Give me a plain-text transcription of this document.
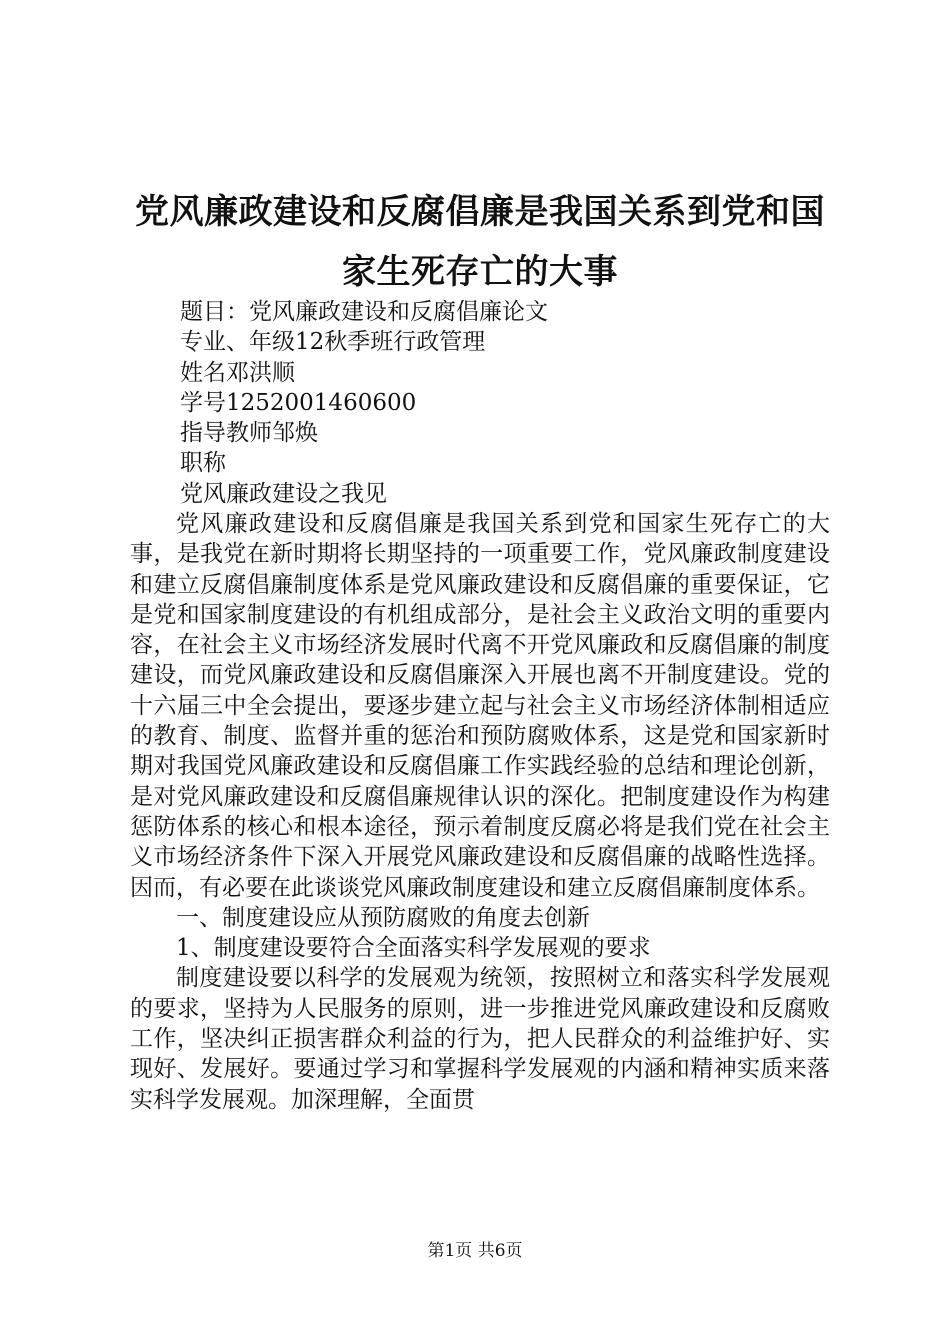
党风廉政建设和反腐倡廉是我国关系到党和国
家生死存亡的大事
题目：党风廉政建设和反腐倡廉论文
专业、年级12秋季班行政管理
姓名邓洪顺
学号1252001460600
指导教师邹焕
职称
党风廉政建设之我见

党风廉政建设和反腐倡廉是我国关系到党和国家生死存亡的大事，是我党在新时期将长期坚持的一项重要工作，党风廉政制度建设和建立反腐倡廉制度体系是党风廉政建设和反腐倡廉的重要保证，它是党和国家制度建设的有机组成部分，是社会主义政治文明的重要内容，在社会主义市场经济发展时代离不开党风廉政和反腐倡廉的制度建设，而党风廉政建设和反腐倡廉深入开展也离不开制度建设。党的十六届三中全会提出，要逐步建立起与社会主义市场经济体制相适应的教育、制度、监督并重的惩治和预防腐败体系，这是党和国家新时期对我国党风廉政建设和反腐倡廉工作实践经验的总结和理论创新，是对党风廉政建设和反腐倡廉规律认识的深化。把制度建设作为构建惩防体系的核心和根本途径，预示着制度反腐必将是我们党在社会主义市场经济条件下深入开展党风廉政建设和反腐倡廉的战略性选择。因而，有必要在此谈谈党风廉政制度建设和建立反腐倡廉制度体系。

一、制度建设应从预防腐败的角度去创新

1、制度建设要符合全面落实科学发展观的要求

制度建设要以科学的发展观为统领，按照树立和落实科学发展观的要求，坚持为人民服务的原则，进一步推进党风廉政建设和反腐败工作，坚决纠正损害群众利益的行为，把人民群众的利益维护好、实现好、发展好。要通过学习和掌握科学发展观的内涵和精神实质来落实科学发展观。加深理解，全面贯

第1页 共6页
